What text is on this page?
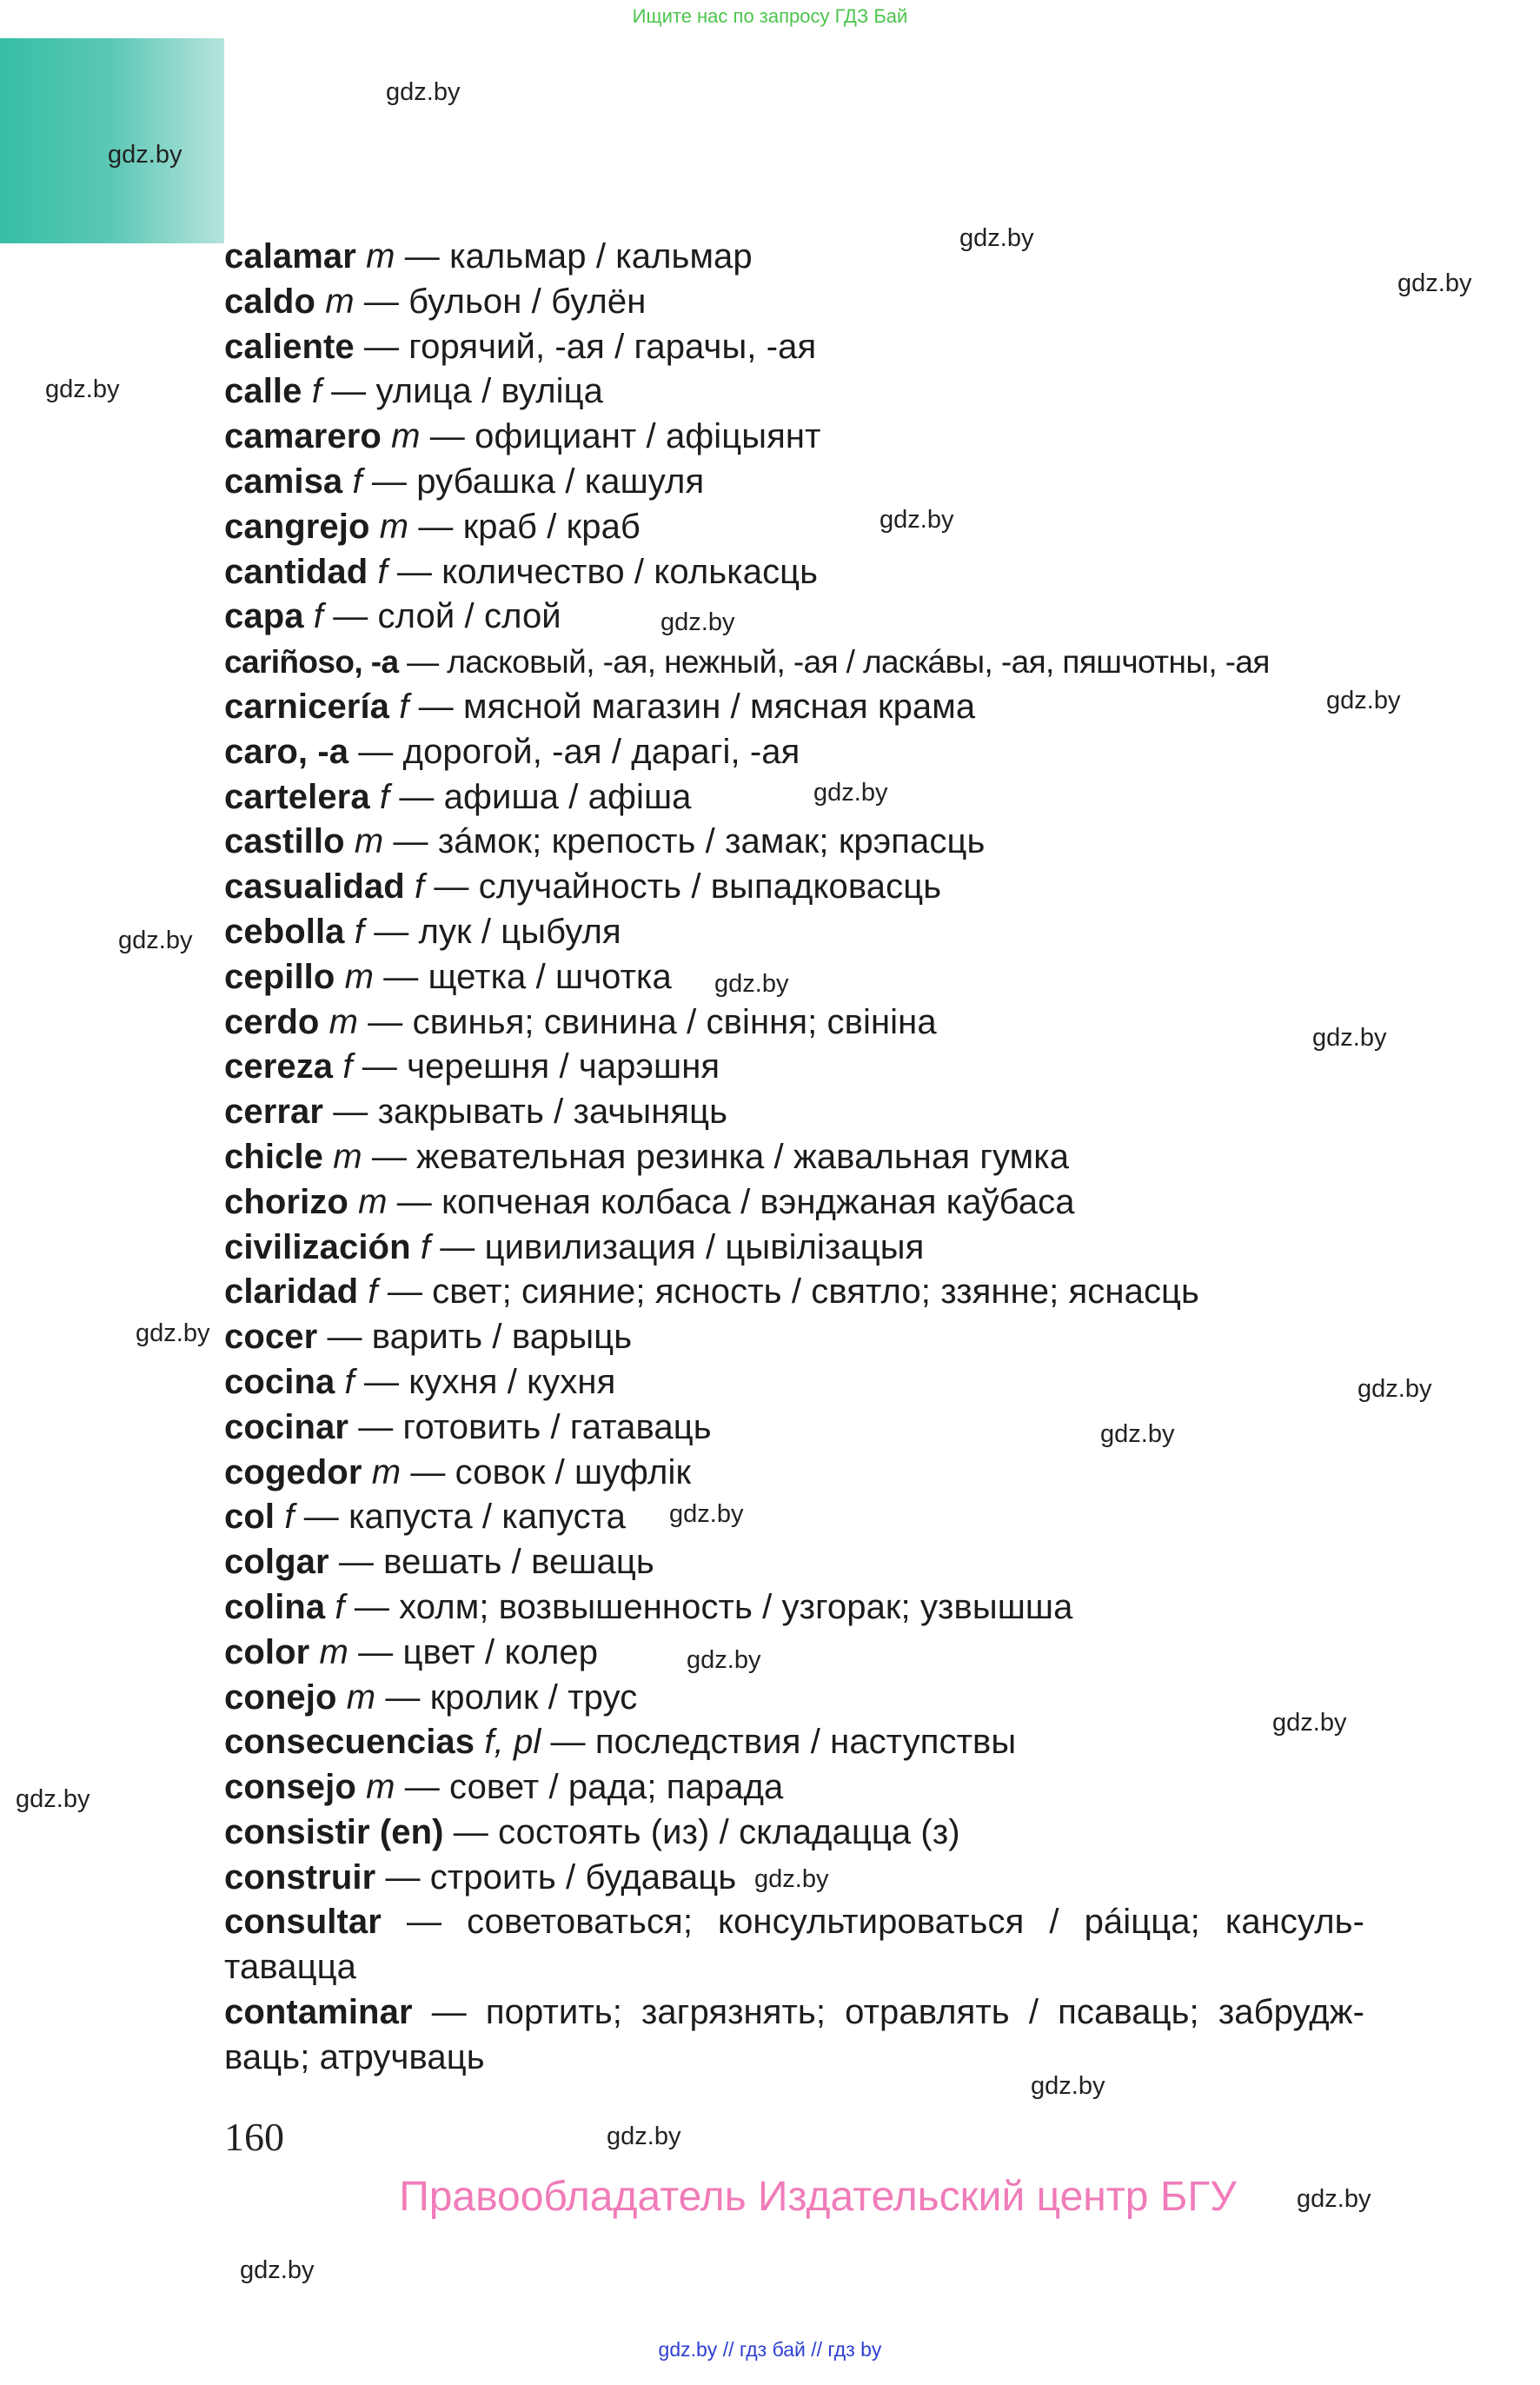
Ищите нас по запросу ГДЗ Бай
gdz.by
gdz.by
gdz.by
gdz.by
gdz.by
gdz.by
gdz.by
gdz.by
gdz.by
gdz.by
gdz.by
gdz.by
gdz.by
gdz.by
gdz.by
gdz.by
gdz.by
gdz.by
gdz.by
gdz.by
gdz.by
gdz.by
gdz.by
gdz.by
calamar m — кальмар / кальмар
caldo m — бульон / булён
caliente — горячий, -ая / гарачы, -ая
calle f — улица / вуліца
camarero m — официант / афіцыянт
camisa f — рубашка / кашуля
cangrejo m — краб / краб
cantidad f — количество / колькасць
capa f — слой / слой
cariñoso, -a — ласковый, -ая, нежный, -ая / ласкáвы, -ая, пяшчотны, -ая
carnicería f — мясной магазин / мясная крама
caro, -a — дорогой, -ая / дарагі, -ая
cartelera f — афиша / афіша
castillo m — зáмок; крепость / замак; крэпасць
casualidad f — случайность / выпадковасць
cebolla f — лук / цыбуля
cepillo m — щетка / шчотка
cerdo m — свинья; свинина / свіння; свініна
cereza f — черешня / чарэшня
cerrar — закрывать / зачыняць
chicle m — жевательная резинка / жавальная гумка
chorizo m — копченая колбаса / вэнджаная каўбаса
civilización f — цивилизация / цывілізацыя
claridad f — свет; сияние; ясность / святло; ззянне; яснасць
cocer — варить / варыць
cocina f — кухня / кухня
cocinar — готовить / гатаваць
cogedor m — совок / шуфлік
col f — капуста / капуста
colgar — вешать / вешаць
colina f — холм; возвышенность / узгорак; узвышша
color m — цвет / колер
conejo m — кролик / трус
consecuencias f, pl — последствия / наступствы
consejo m — совет / рада; парада
consistir (en) — состоять (из) / складацца (з)
construir — строить / будаваць
consultar — советоваться; консультироваться / рáіцца; кансуль-тавацца
contaminar — портить; загрязнять; отравлять / псаваць; забрудж-ваць; атручваць
160
Правообладатель Издательский центр БГУ
gdz.by // гдз бай // гдз by
